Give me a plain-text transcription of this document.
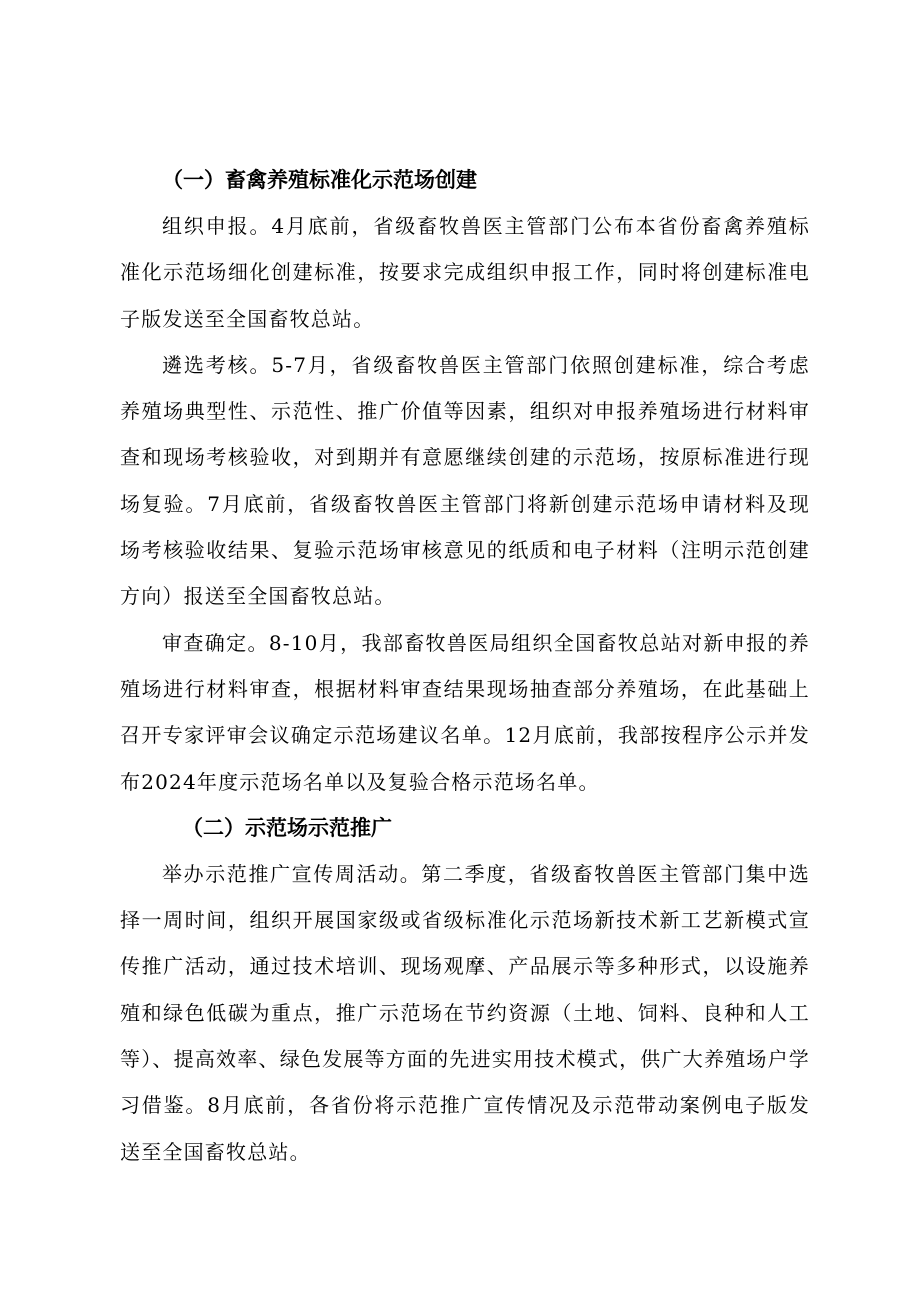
（一）畜禽养殖标准化示范场创建

组织申报。4月底前，省级畜牧兽医主管部门公布本省份畜禽养殖标准化示范场细化创建标准，按要求完成组织申报工作，同时将创建标准电子版发送至全国畜牧总站。

遴选考核。5-7月，省级畜牧兽医主管部门依照创建标准，综合考虑养殖场典型性、示范性、推广价值等因素，组织对申报养殖场进行材料审查和现场考核验收，对到期并有意愿继续创建的示范场，按原标准进行现场复验。7月底前，省级畜牧兽医主管部门将新创建示范场申请材料及现场考核验收结果、复验示范场审核意见的纸质和电子材料（注明示范创建方向）报送至全国畜牧总站。

审查确定。8-10月，我部畜牧兽医局组织全国畜牧总站对新申报的养殖场进行材料审查，根据材料审查结果现场抽查部分养殖场，在此基础上召开专家评审会议确定示范场建议名单。12月底前，我部按程序公示并发布2024年度示范场名单以及复验合格示范场名单。

（二）示范场示范推广

举办示范推广宣传周活动。第二季度，省级畜牧兽医主管部门集中选择一周时间，组织开展国家级或省级标准化示范场新技术新工艺新模式宣传推广活动，通过技术培训、现场观摩、产品展示等多种形式，以设施养殖和绿色低碳为重点，推广示范场在节约资源（土地、饲料、良种和人工等）、提高效率、绿色发展等方面的先进实用技术模式，供广大养殖场户学习借鉴。8月底前，各省份将示范推广宣传情况及示范带动案例电子版发送至全国畜牧总站。
